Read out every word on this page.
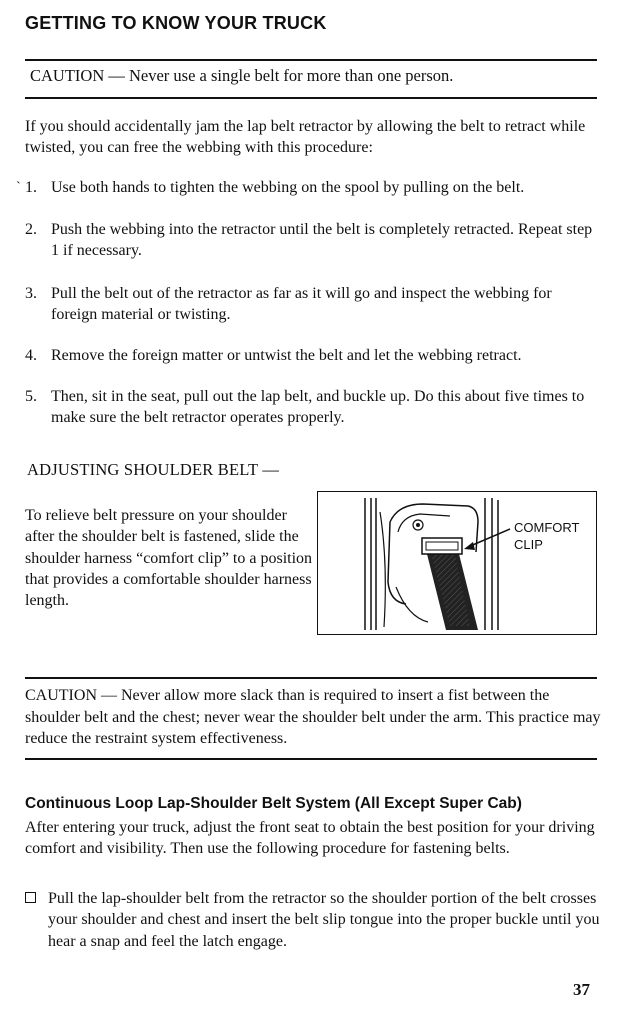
GETTING TO KNOW YOUR TRUCK
CAUTION — Never use a single belt for more than one person.
If you should accidentally jam the lap belt retractor by allowing the belt to retract while twisted, you can free the webbing with this procedure:
` 1. Use both hands to tighten the webbing on the spool by pulling on the belt.
2. Push the webbing into the retractor until the belt is completely retracted. Repeat step 1 if necessary.
3. Pull the belt out of the retractor as far as it will go and inspect the webbing for foreign material or twisting.
4. Remove the foreign matter or untwist the belt and let the webbing retract.
5. Then, sit in the seat, pull out the lap belt, and buckle up. Do this about five times to make sure the belt retractor operates properly.
ADJUSTING SHOULDER BELT —
To relieve belt pressure on your shoulder after the shoulder belt is fastened, slide the shoulder harness “comfort clip” to a position that provides a comfortable shoulder harness length.
COMFORT
CLIP
CAUTION — Never allow more slack than is required to insert a fist between the shoulder belt and the chest; never wear the shoulder belt under the arm. This practice may reduce the restraint system effectiveness.
Continuous Loop Lap-Shoulder Belt System (All Except Super Cab)
After entering your truck, adjust the front seat to obtain the best position for your driving comfort and visibility. Then use the following procedure for fastening belts.
Pull the lap-shoulder belt from the retractor so the shoulder portion of the belt crosses your shoulder and chest and insert the belt slip tongue into the proper buckle until you hear a snap and feel the latch engage.
37
